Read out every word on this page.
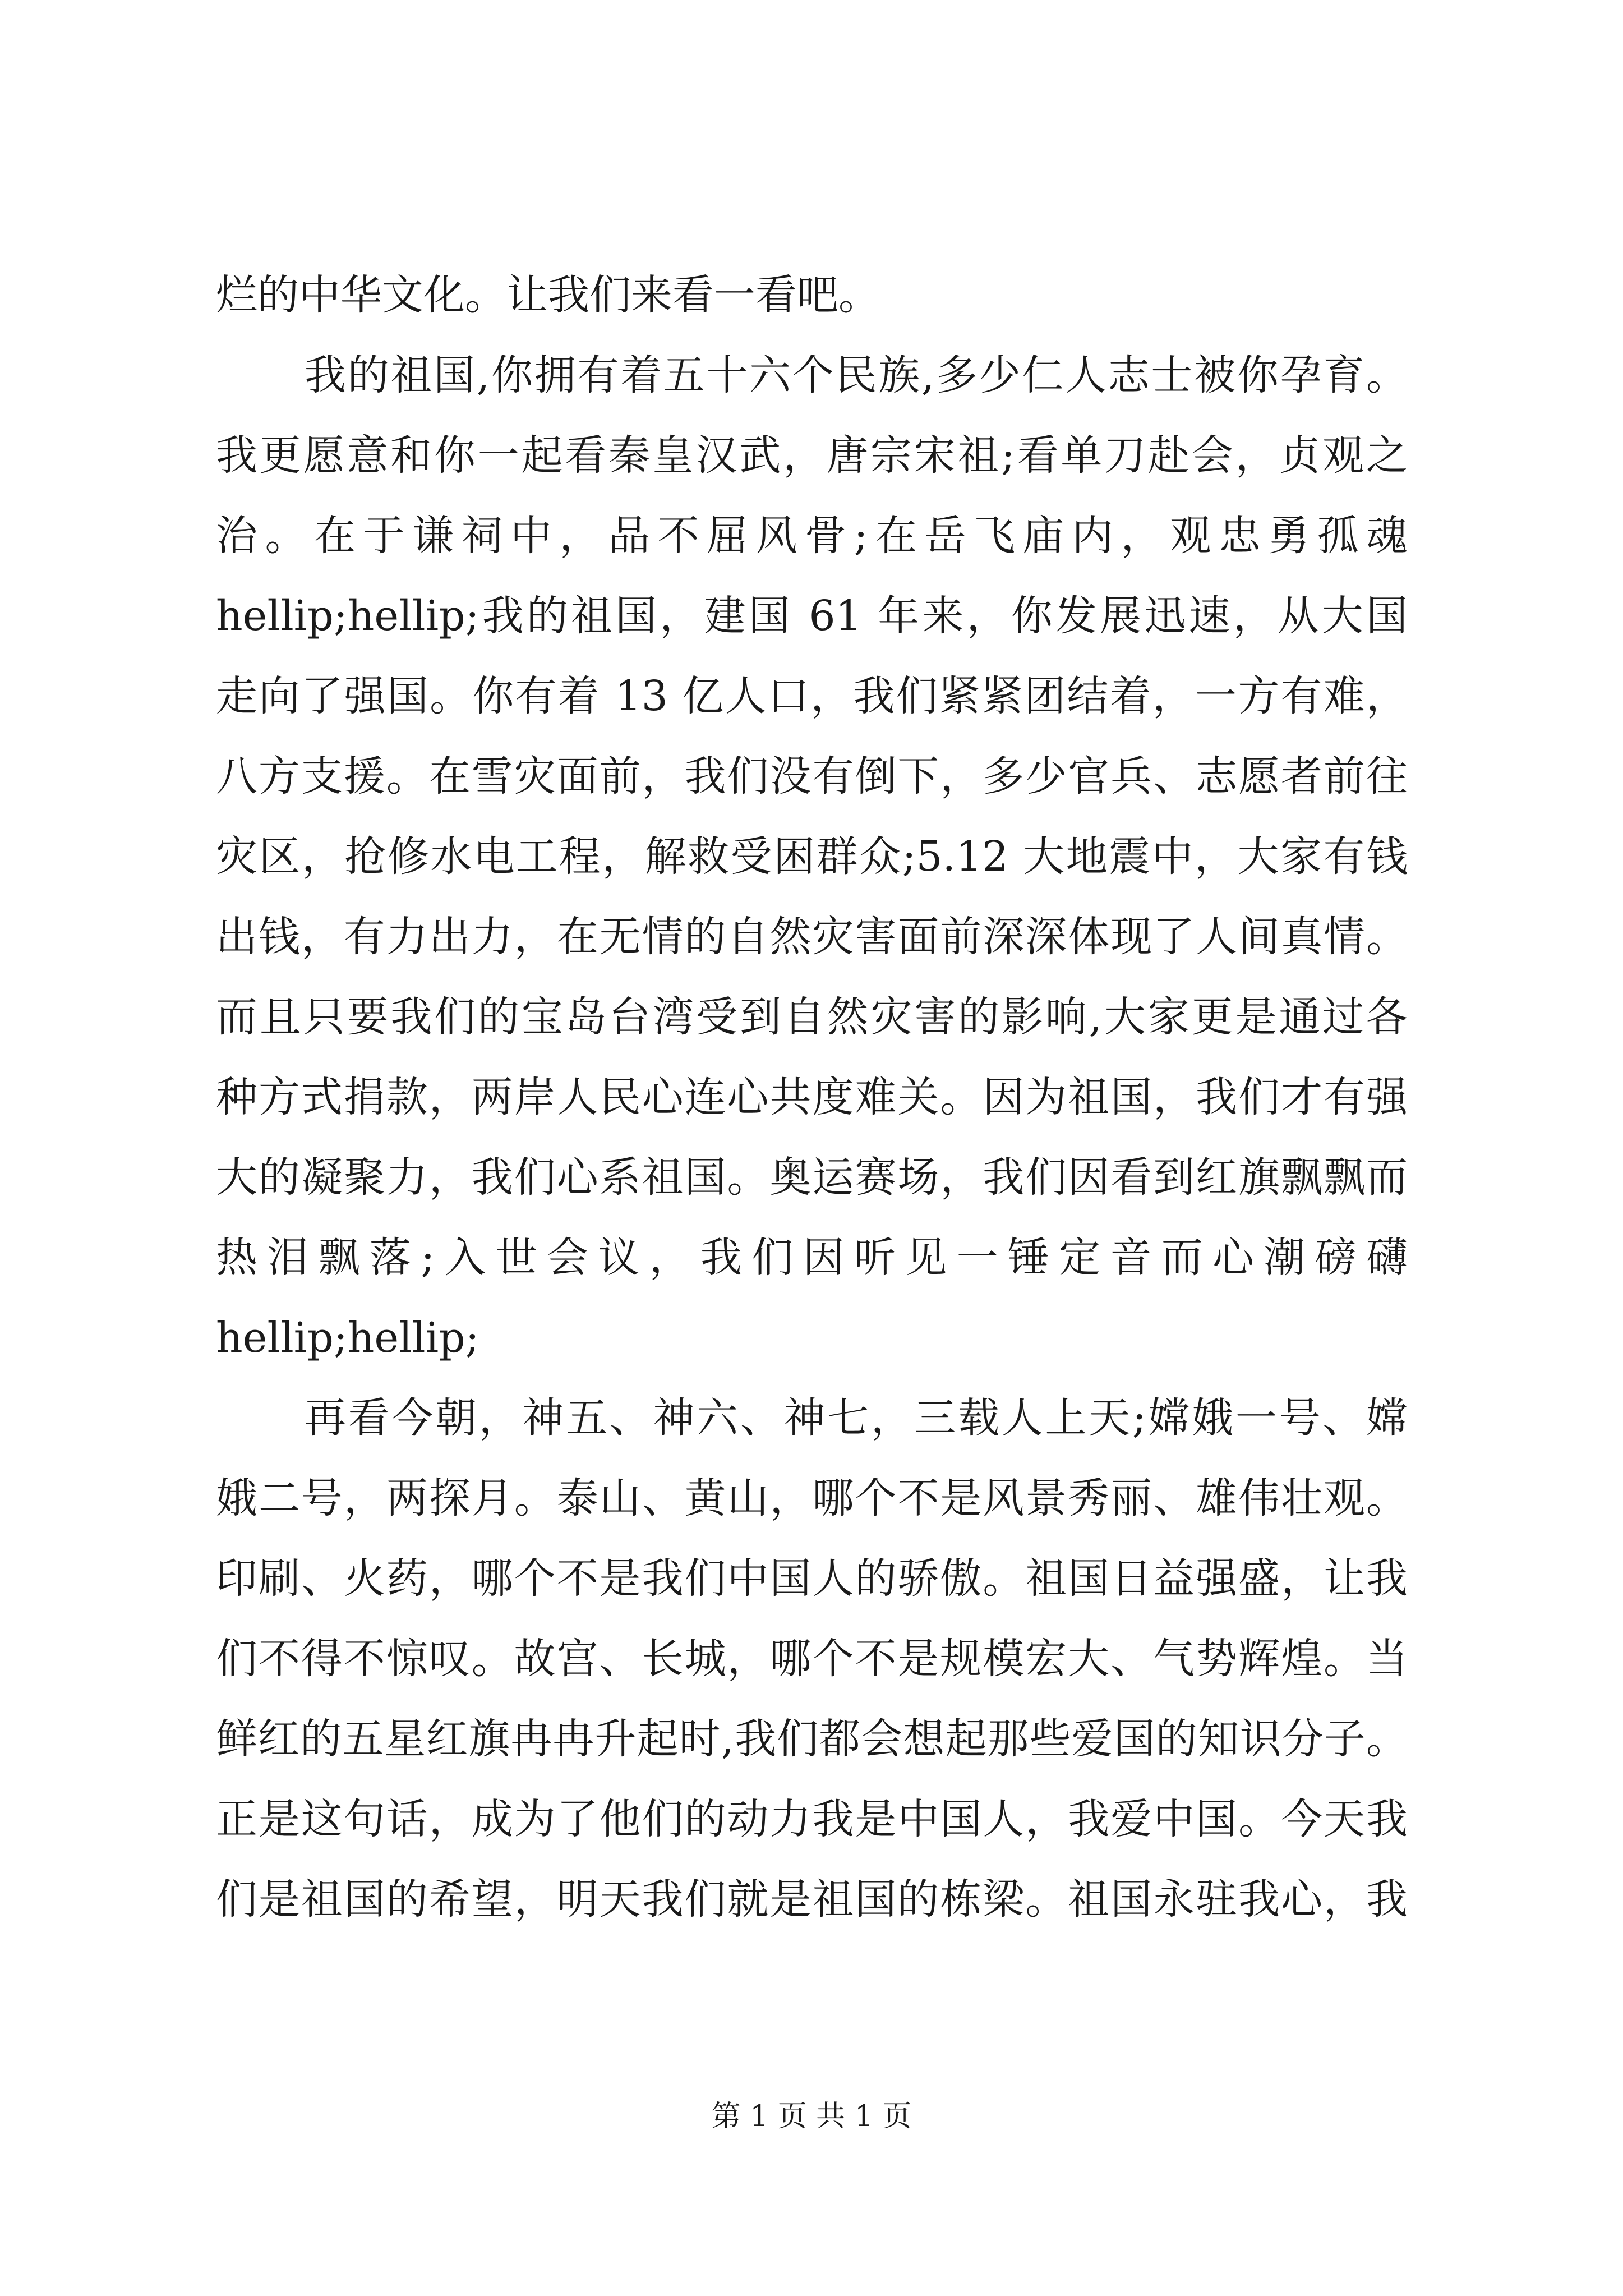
烂的中华文化。让我们来看一看吧。
我的祖国,你拥有着五十六个民族,多少仁人志士被你孕育。
我更愿意和你一起看秦皇汉武，唐宗宋祖;看单刀赴会，贞观之
治。在于谦祠中，品不屈风骨;在岳飞庙内，观忠勇孤魂
hellip;hellip;我的祖国，建国 61 年来，你发展迅速，从大国
走向了强国。你有着 13 亿人口，我们紧紧团结着，一方有难，
八方支援。在雪灾面前，我们没有倒下，多少官兵、志愿者前往
灾区，抢修水电工程，解救受困群众;5.12 大地震中，大家有钱
出钱，有力出力，在无情的自然灾害面前深深体现了人间真情。
而且只要我们的宝岛台湾受到自然灾害的影响,大家更是通过各
种方式捐款，两岸人民心连心共度难关。因为祖国，我们才有强
大的凝聚力，我们心系祖国。奥运赛场，我们因看到红旗飘飘而
热泪飘落;入世会议，我们因听见一锤定音而心潮磅礴
hellip;hellip;
再看今朝，神五、神六、神七，三载人上天;嫦娥一号、嫦
娥二号，两探月。泰山、黄山，哪个不是风景秀丽、雄伟壮观。
印刷、火药，哪个不是我们中国人的骄傲。祖国日益强盛，让我
们不得不惊叹。故宫、长城，哪个不是规模宏大、气势辉煌。当
鲜红的五星红旗冉冉升起时,我们都会想起那些爱国的知识分子。
正是这句话，成为了他们的动力我是中国人，我爱中国。今天我
们是祖国的希望，明天我们就是祖国的栋梁。祖国永驻我心，我
第 1 页 共 1 页
